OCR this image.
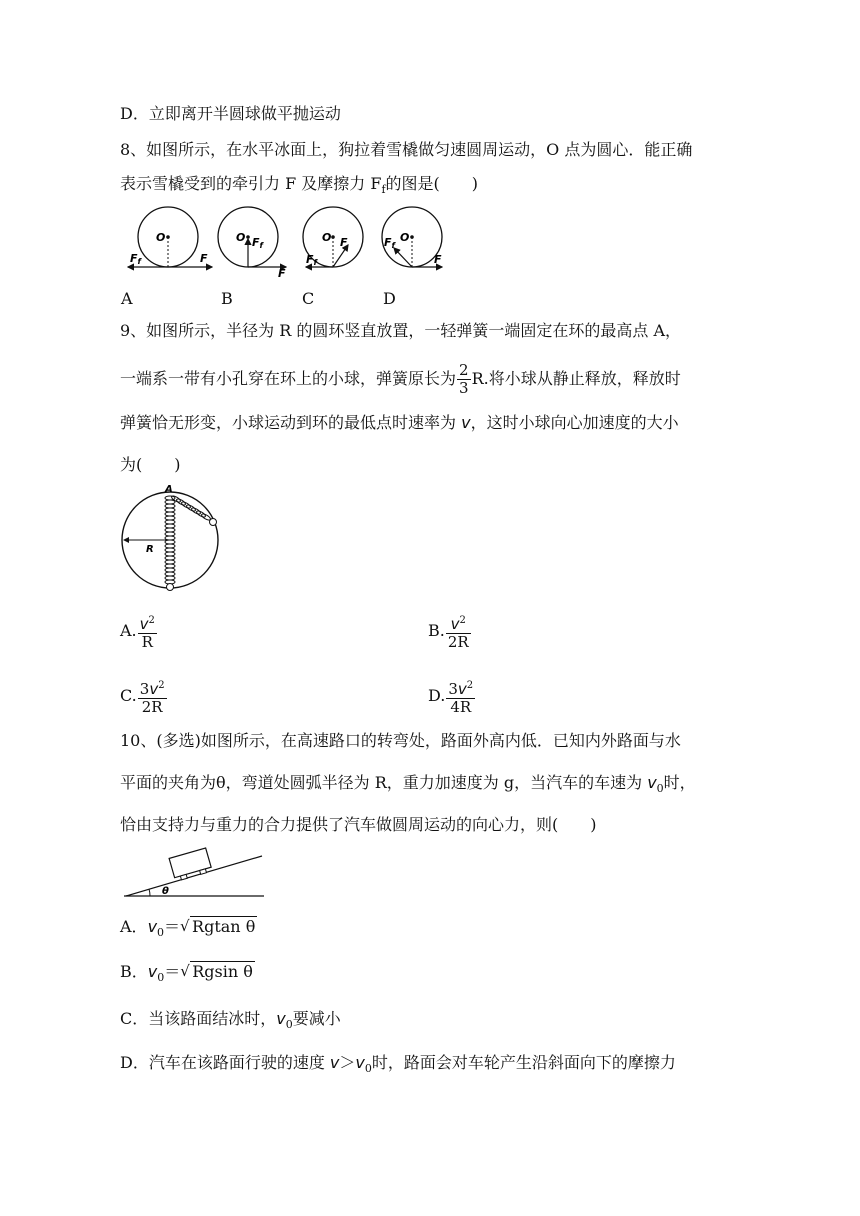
D．立即离开半圆球做平抛运动
8、如图所示，在水平冰面上，狗拉着雪橇做匀速圆周运动，O 点为圆心．能正确
表示雪橇受到的牵引力 F 及摩擦力 $F_f$的图是(　　)
O
F
Ff
O Ff
F
O F
Ff
O
Ff
F
A	B	C	D
9、如图所示，半径为 R 的圆环竖直放置，一轻弹簧一端固定在环的最高点 A，
一端系一带有小孔穿在环上的小球，弹簧原长为 $\frac{2}{3} R$.将小球从静止释放，释放时
弹簧恰无形变，小球运动到环的最低点时速率为 v，这时小球向心加速度的大小
为(　　)
A
R
A. $\frac{v^2}{R}$	B. $\frac{v^2}{2R}$
C. $\frac{3v^2}{2R}$	D. $\frac{3v^2}{4R}$
10、(多选)如图所示，在高速路口的转弯处，路面外高内低．已知内外路面与水
平面的夹角为θ，弯道处圆弧半径为 R，重力加速度为 g，当汽车的车速为 $v_0$时，
恰由支持力与重力的合力提供了汽车做圆周运动的向心力，则(　　)
θ
A．$v_0=√$ Rgtan θ
B．$v_0=√$ Rgsin θ
C．当该路面结冰时，$v_0$要减小
D．汽车在该路面行驶的速度 $v>v_0$时，路面会对车轮产生沿斜面向下的摩擦力
